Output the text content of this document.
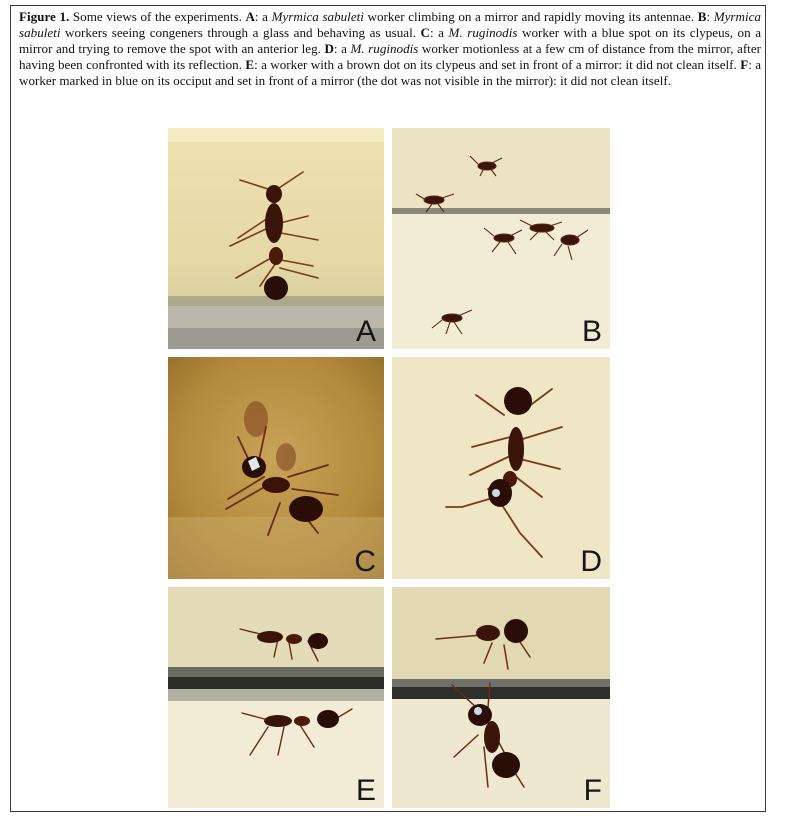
Figure 1. Some views of the experiments. A: a Myrmica sabuleti worker climbing on a mirror and rapidly moving its antennae. B: Myrmica sabuleti workers seeing congeners through a glass and behaving as usual. C: a M. ruginodis worker with a blue spot on its clypeus, on a mirror and trying to remove the spot with an anterior leg. D: a M. ruginodis worker motionless at a few cm of distance from the mirror, after having been confronted with its reflection. E: a worker with a brown dot on its clypeus and set in front of a mirror: it did not clean itself. F: a worker marked in blue on its occiput and set in front of a mirror (the dot was not visible in the mirror): it did not clean itself.
A	B
C	D
E	F
